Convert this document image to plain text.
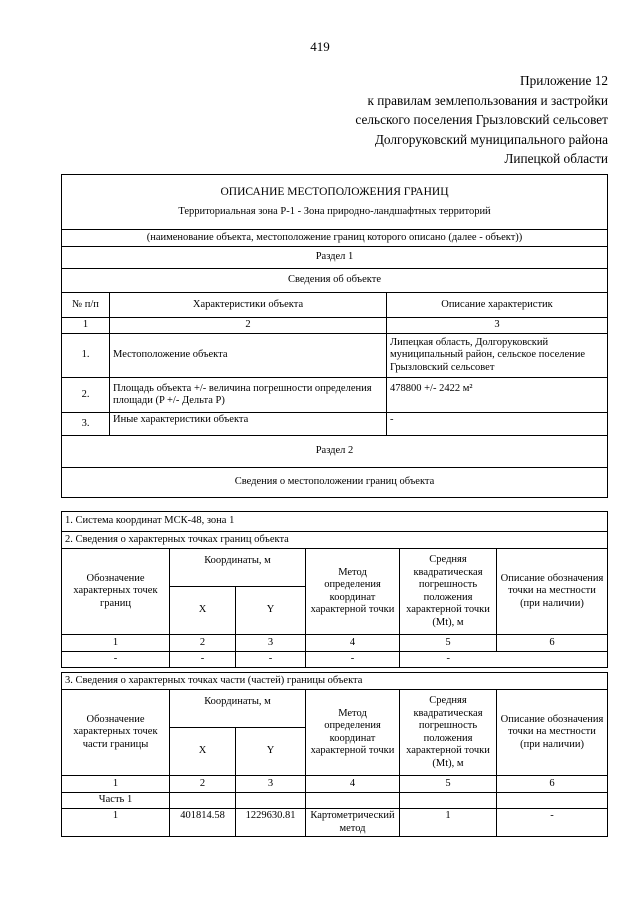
419
Приложение 12
к правилам землепользования и застройки
сельского поселения Грызловский сельсовет
Долгоруковский муниципального района
Липецкой области
ОПИСАНИЕ МЕСТОПОЛОЖЕНИЯ ГРАНИЦ
Территориальная зона Р-1 - Зона природно-ландшафтных территорий		

(наименование объекта, местоположение границ которого описано (далее - объект))		
Раздел 1		
Сведения об объекте		
№ п/п	Характеристики объекта	Описание характеристик
1	2	3
1.	Местоположение объекта	Липецкая область, Долгоруковский муниципальный район, сельское поселение Грызловский сельсовет
2.	Площадь объекта +/- величина погрешности определения площади (P +/- Дельта P)	478800 +/- 2422 м²
3.	Иные характеристики объекта	-
Раздел 2		
Сведения о местоположении границ объекта		
1. Система координат МСК-48, зона 1					
2. Сведения о характерных точках границ объекта					
Обозначение характерных точек границ	Координаты, м		Метод определения координат характерной точки	Средняя квадратическая погрешность положения характерной точки (Mt), м	Описание обозначения точки на местности (при наличии)
	X	Y			
1	2	3	4	5	6
-	-	-	-	-	
3. Сведения о характерных точках части (частей) границы объекта					
Обозначение характерных точек части границы	Координаты, м		Метод определения координат характерной точки	Средняя квадратическая погрешность положения характерной точки (Mt), м	Описание обозначения точки на местности (при наличии)
	X	Y			
1	2	3	4	5	6
Часть 1					
1	401814.58	1229630.81	Картометрический метод	1	-
